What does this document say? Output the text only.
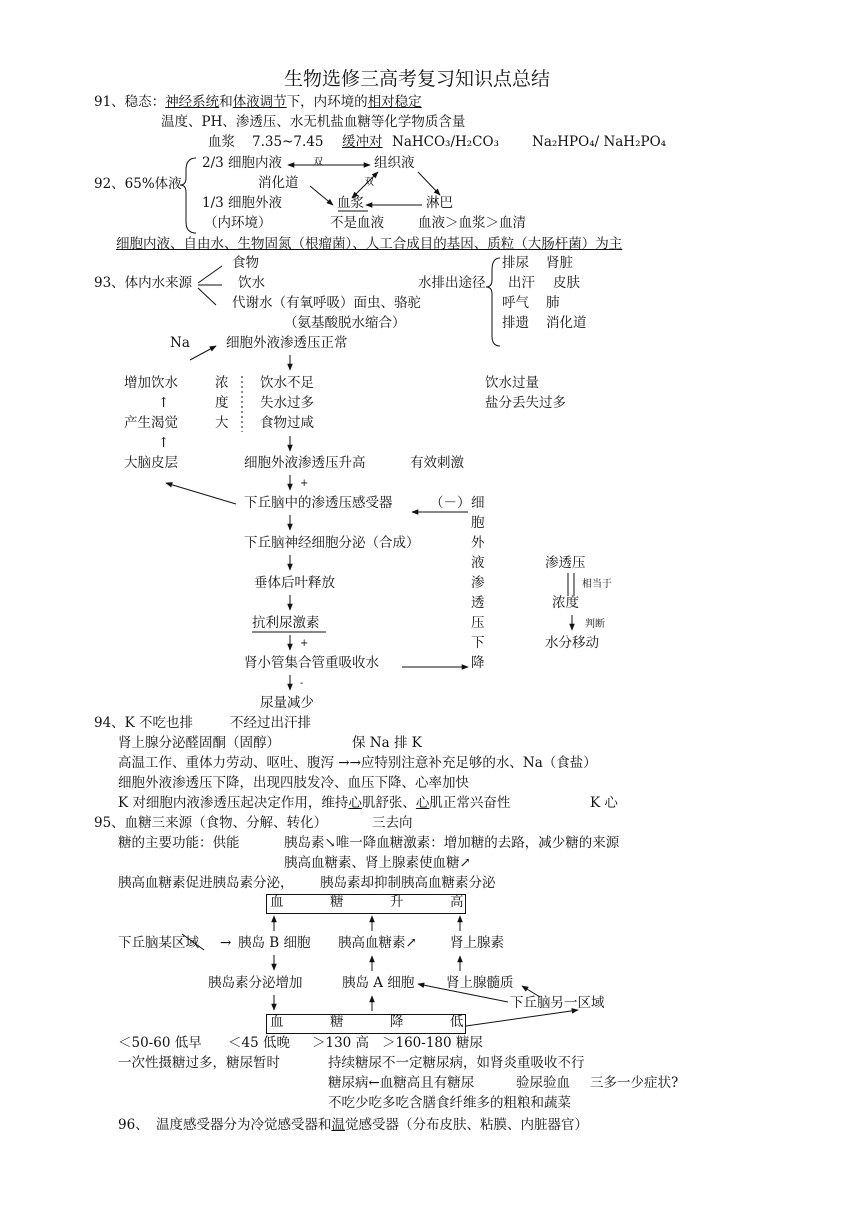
生物选修三高考复习知识点总结
91、稳态：神经系统和体液调节下，内环境的相对稳定
温度、PH、渗透压、水无机盐血糖等化学物质含量
血浆 7.35~7.45 缓冲对 NaHCO₃/H₂CO₃ Na₂HPO₄/ NaH₂PO₄
92、65%体液
2/3 细胞内液	双	组织液
消化道	双
1/3 细胞外液	血浆	淋巴
（内环境）	不是血液	血液＞血浆＞血清
细胞内液、自由水、生物固氮（根瘤菌）、人工合成目的基因、质粒（大肠杆菌）为主
食物
93、体内水来源	饮水
代谢水（有氧呼吸）面虫、骆驼
（氨基酸脱水缩合）
水排出途径
排尿 肾脏
出汗 皮肤
呼气 肺
排遗 消化道
Na	细胞外液渗透压正常
增加饮水
↑
产生渴觉
↑
大脑皮层
浓
度
大
饮水不足
失水过多
食物过咸
饮水过量
盐分丢失过多
细胞外液渗透压升高	有效刺激
+
下丘脑中的渗透压感受器	（－）
下丘脑神经细胞分泌（合成）
垂体后叶释放
抗利尿激素
+
肾小管集合管重吸收水
-
尿量减少
细
胞
外
液
渗
透
压
下
降
渗透压
相当于
浓度
判断
水分移动
94、K 不吃也排	不经过出汗排
肾上腺分泌醛固酮（固醇）	保 Na 排 K
高温工作、重体力劳动、呕吐、腹泻 →→应特别注意补充足够的水、Na（食盐）
细胞外液渗透压下降，出现四肢发冷、血压下降、心率加快
K 对细胞内液渗透压起决定作用，维持心肌舒张、心肌正常兴奋性	K 心
95、血糖三来源（食物、分解、转化）	三去向
糖的主要功能：供能	胰岛素↘唯一降血糖激素：增加糖的去路，减少糖的来源
胰高血糖素、肾上腺素使血糖↗
胰高血糖素促进胰岛素分泌， 胰岛素却抑制胰高血糖素分泌
血	糖	升	高
下丘脑某区域 → 胰岛 B 细胞 胰高血糖素↗ 肾上腺素
胰岛素分泌增加	胰岛 A 细胞 肾上腺髓质
下丘脑另一区域
血	糖	降	低
＜50-60 低早 ＜45 低晚 ＞130 高 ＞160-180 糖尿
一次性摄糖过多，糖尿暂时	持续糖尿不一定糖尿病，如肾炎重吸收不行
糖尿病←血糖高且有糖尿	验尿验血 三多一少症状?
不吃少吃多吃含膳食纤维多的粗粮和蔬菜
96、 温度感受器分为冷觉感受器和温觉感受器（分布皮肤、粘膜、内脏器官）
